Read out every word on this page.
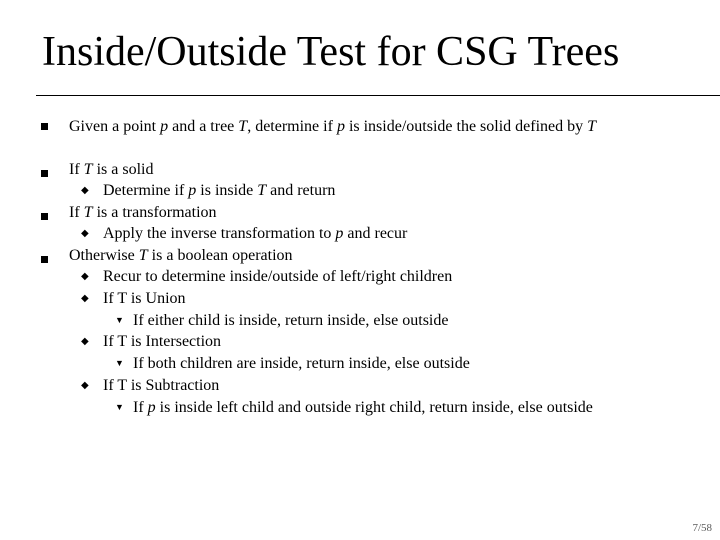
Inside/Outside Test for CSG Trees
Given a point p and a tree T, determine if p is inside/outside the solid defined by T
If T is a solid
◆ Determine if p is inside T and return
If T is a transformation
◆ Apply the inverse transformation to p and recur
Otherwise T is a boolean operation
◆ Recur to determine inside/outside of left/right children
◆ If T is Union
▼ If either child is inside, return inside, else outside
◆ If T is Intersection
▼ If both children are inside, return inside, else outside
◆ If T is Subtraction
▼ If p is inside left child and outside right child, return inside, else outside
7/58
